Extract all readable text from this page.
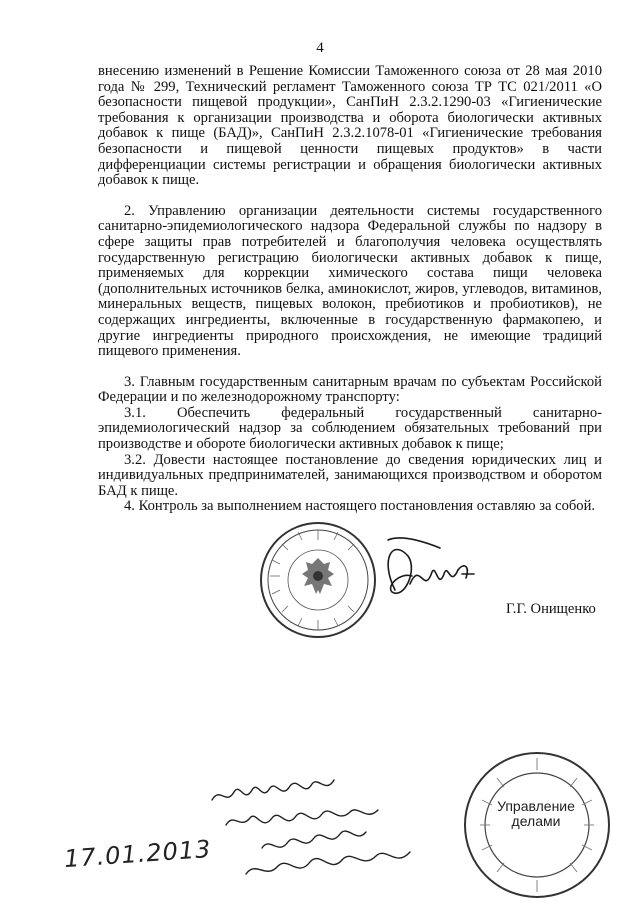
4

внесению изменений в Решение Комиссии Таможенного союза от 28 мая 2010 года № 299, Технический регламент Таможенного союза ТР ТС 021/2011 «О безопасности пищевой продукции», СанПиН 2.3.2.1290-03 «Гигиенические требования к организации производства и оборота биологически активных добавок к пище (БАД)», СанПиН 2.3.2.1078-01 «Гигиенические требования безопасности и пищевой ценности пищевых продуктов» в части дифференциации системы регистрации и обращения биологически активных добавок к пище.

2. Управлению организации деятельности системы государственного санитарно-эпидемиологического надзора Федеральной службы по надзору в сфере защиты прав потребителей и благополучия человека осуществлять государственную регистрацию биологически активных добавок к пище, применяемых для коррекции химического состава пищи человека (дополнительных источников белка, аминокислот, жиров, углеводов, витаминов, минеральных веществ, пищевых волокон, пребиотиков и пробиотиков), не содержащих ингредиенты, включенные в государственную фармакопею, и другие ингредиенты природного происхождения, не имеющие традиций пищевого применения.

3. Главным государственным санитарным врачам по субъектам Российской Федерации и по железнодорожному транспорту:

3.1. Обеспечить федеральный государственный санитарно-эпидемиологический надзор за соблюдением обязательных требований при производстве и обороте биологически активных добавок к пище;

3.2. Довести настоящее постановление до сведения юридических лиц и индивидуальных предпринимателей, занимающихся производством и оборотом БАД к пище.

4. Контроль за выполнением настоящего постановления оставляю за собой.

Г.Г. Онищенко
Управление делами
17.01.2013
